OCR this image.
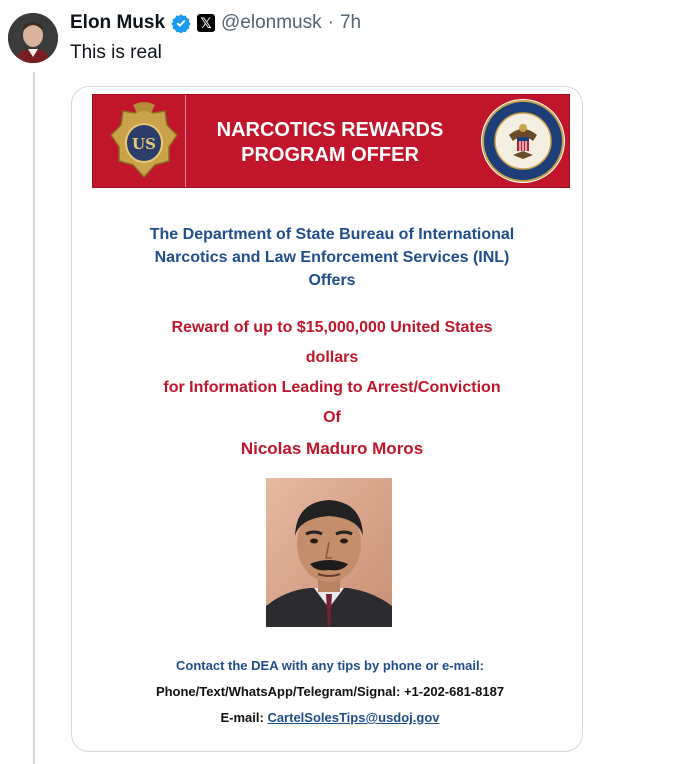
Elon Musk	𝕏 @elonmusk · 7h
This is real
US
NARCOTICS REWARDS
PROGRAM OFFER
The Department of State Bureau of International
Narcotics and Law Enforcement Services (INL)
Offers
Reward of up to $15,000,000 United States
dollars
for Information Leading to Arrest/Conviction
Of
Nicolas Maduro Moros
Contact the DEA with any tips by phone or e-mail:
Phone/Text/WhatsApp/Telegram/Signal: +1-202-681-8187
E-mail: CartelSolesTips@usdoj.gov
